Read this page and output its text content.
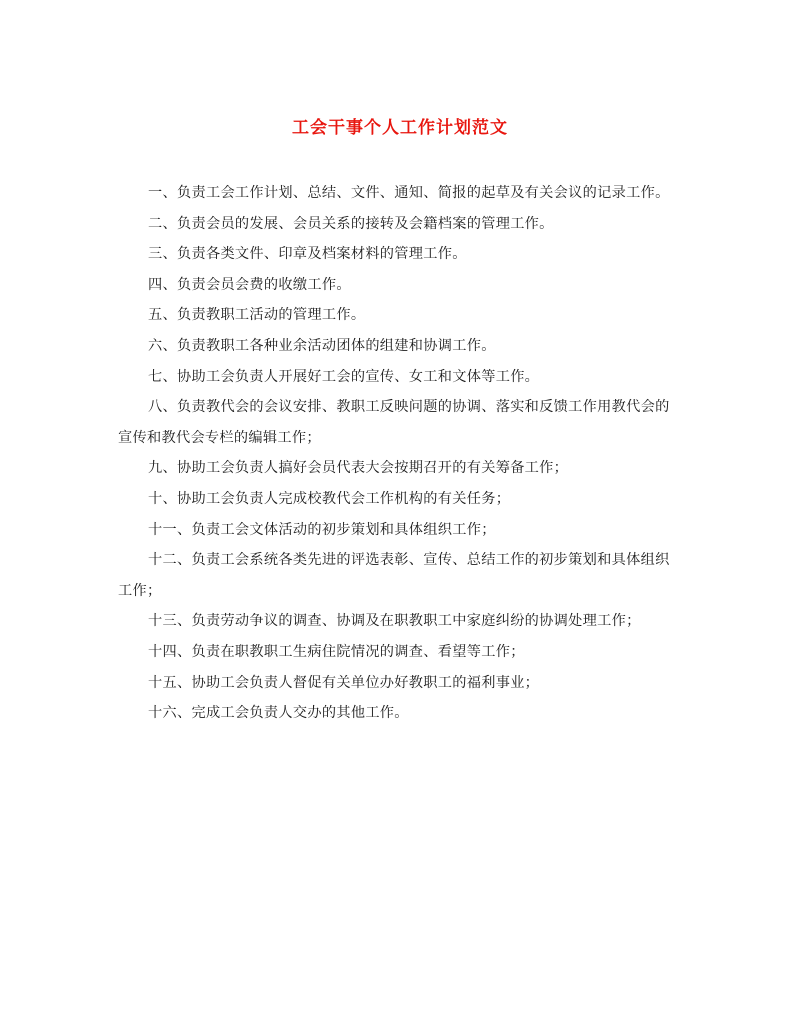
工会干事个人工作计划范文

一、负责工会工作计划、总结、文件、通知、简报的起草及有关会议的记录工作。

二、负责会员的发展、会员关系的接转及会籍档案的管理工作。

三、负责各类文件、印章及档案材料的管理工作。

四、负责会员会费的收缴工作。

五、负责教职工活动的管理工作。

六、负责教职工各种业余活动团体的组建和协调工作。

七、协助工会负责人开展好工会的宣传、女工和文体等工作。

八、负责教代会的会议安排、教职工反映问题的协调、落实和反馈工作用教代会的宣传和教代会专栏的编辑工作；

九、协助工会负责人搞好会员代表大会按期召开的有关筹备工作；

十、协助工会负责人完成校教代会工作机构的有关任务；

十一、负责工会文体活动的初步策划和具体组织工作；

十二、负责工会系统各类先进的评选表彰、宣传、总结工作的初步策划和具体组织工作；

十三、负责劳动争议的调查、协调及在职教职工中家庭纠纷的协调处理工作；

十四、负责在职教职工生病住院情况的调查、看望等工作；

十五、协助工会负责人督促有关单位办好教职工的福利事业；

十六、完成工会负责人交办的其他工作。
